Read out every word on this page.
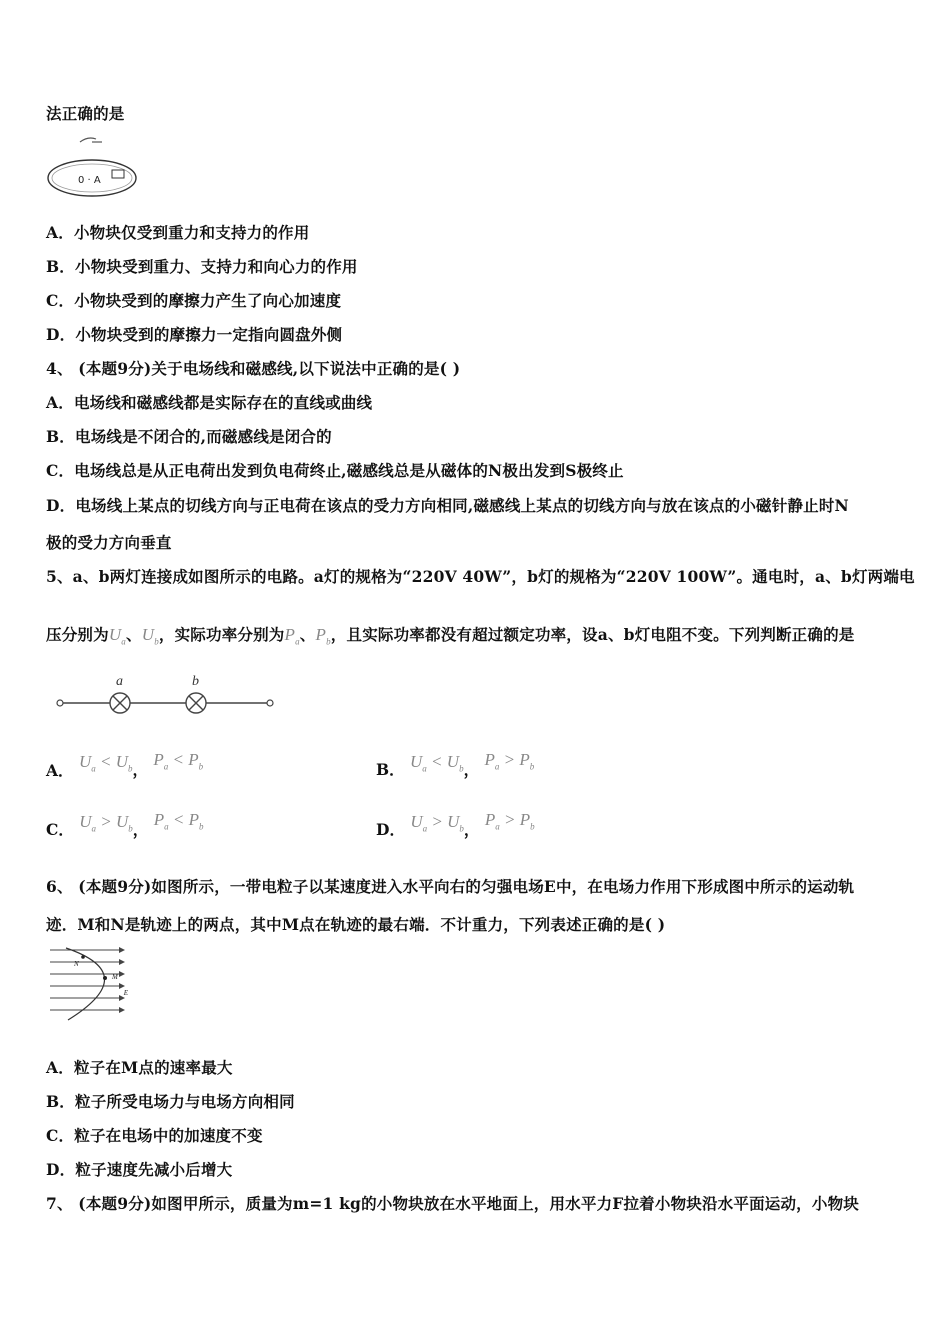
法正确的是
0 · A
A．小物块仅受到重力和支持力的作用
B．小物块受到重力、支持力和向心力的作用
C．小物块受到的摩擦力产生了向心加速度
D．小物块受到的摩擦力一定指向圆盘外侧
4、 (本题9分)关于电场线和磁感线,以下说法中正确的是( )
A．电场线和磁感线都是实际存在的直线或曲线
B．电场线是不闭合的,而磁感线是闭合的
C．电场线总是从正电荷出发到负电荷终止,磁感线总是从磁体的N极出发到S极终止
D．电场线上某点的切线方向与正电荷在该点的受力方向相同,磁感线上某点的切线方向与放在该点的小磁针静止时N
极的受力方向垂直
5、a、b两灯连接成如图所示的电路。a灯的规格为“220V 40W”，b灯的规格为“220V 100W”。通电时，a、b灯两端电
压分别为$U_a$、$U_b$，实际功率分别为$P_a$、$P_b$，且实际功率都没有超过额定功率，设a、b灯电阻不变。下列判断正确的是
a	b
A． $U_a < U_b$， $P_a < P_b$	B． $U_a < U_b$， $P_a > P_b$
C． $U_a > U_b$， $P_a < P_b$	D． $U_a > U_b$， $P_a > P_b$
6、 (本题9分)如图所示，一带电粒子以某速度进入水平向右的匀强电场E中，在电场力作用下形成图中所示的运动轨
迹．M和N是轨迹上的两点，其中M点在轨迹的最右端．不计重力，下列表述正确的是( )
N
M
E
A．粒子在M点的速率最大
B．粒子所受电场力与电场方向相同
C．粒子在电场中的加速度不变
D．粒子速度先减小后增大
7、 (本题9分)如图甲所示，质量为m=1 kg的小物块放在水平地面上，用水平力F拉着小物块沿水平面运动，小物块
